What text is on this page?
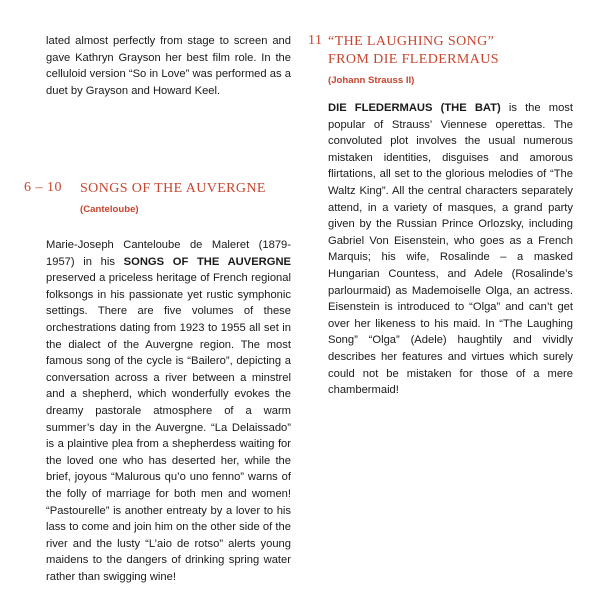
lated almost perfectly from stage to screen and gave Kathryn Grayson her best film role. In the celluloid version “So in Love” was performed as a duet by Grayson and Howard Keel.

6 – 10 SONGS OF THE AUVERGNE

(Canteloube)

Marie-Joseph Canteloube de Maleret (1879-1957) in his SONGS OF THE AUVERGNE preserved a priceless heritage of French regional folksongs in his passionate yet rustic symphonic settings. There are five volumes of these orchestrations dating from 1923 to 1955 all set in the dialect of the Auvergne region. The most famous song of the cycle is “Bailero”, depicting a conversation across a river between a minstrel and a shepherd, which wonderfully evokes the dreamy pastorale atmosphere of a warm summer’s day in the Auvergne. “La Delaissado” is a plaintive plea from a shepherdess waiting for the loved one who has deserted her, while the brief, joyous “Malurous qu’o uno fenno” warns of the folly of marriage for both men and women! “Pastourelle” is another entreaty by a lover to his lass to come and join him on the other side of the river and the lusty “L’aio de rotso” alerts young maidens to the dangers of drinking spring water rather than swigging wine!

11 “THE LAUGHING SONG”

FROM DIE FLEDERMAUS

(Johann Strauss II)

DIE FLEDERMAUS (THE BAT) is the most popular of Strauss’ Viennese operettas. The convoluted plot involves the usual numerous mistaken identities, disguises and amorous flirtations, all set to the glorious melodies of “The Waltz King”. All the central characters separately attend, in a variety of masques, a grand party given by the Russian Prince Orlozsky, including Gabriel Von Eisenstein, who goes as a French Marquis; his wife, Rosalinde – a masked Hungarian Countess, and Adele (Rosalinde’s parlourmaid) as Mademoiselle Olga, an actress. Eisenstein is introduced to “Olga” and can’t get over her likeness to his maid. In “The Laughing Song” “Olga” (Adele) haughtily and vividly describes her features and virtues which surely could not be mistaken for those of a mere chambermaid!
